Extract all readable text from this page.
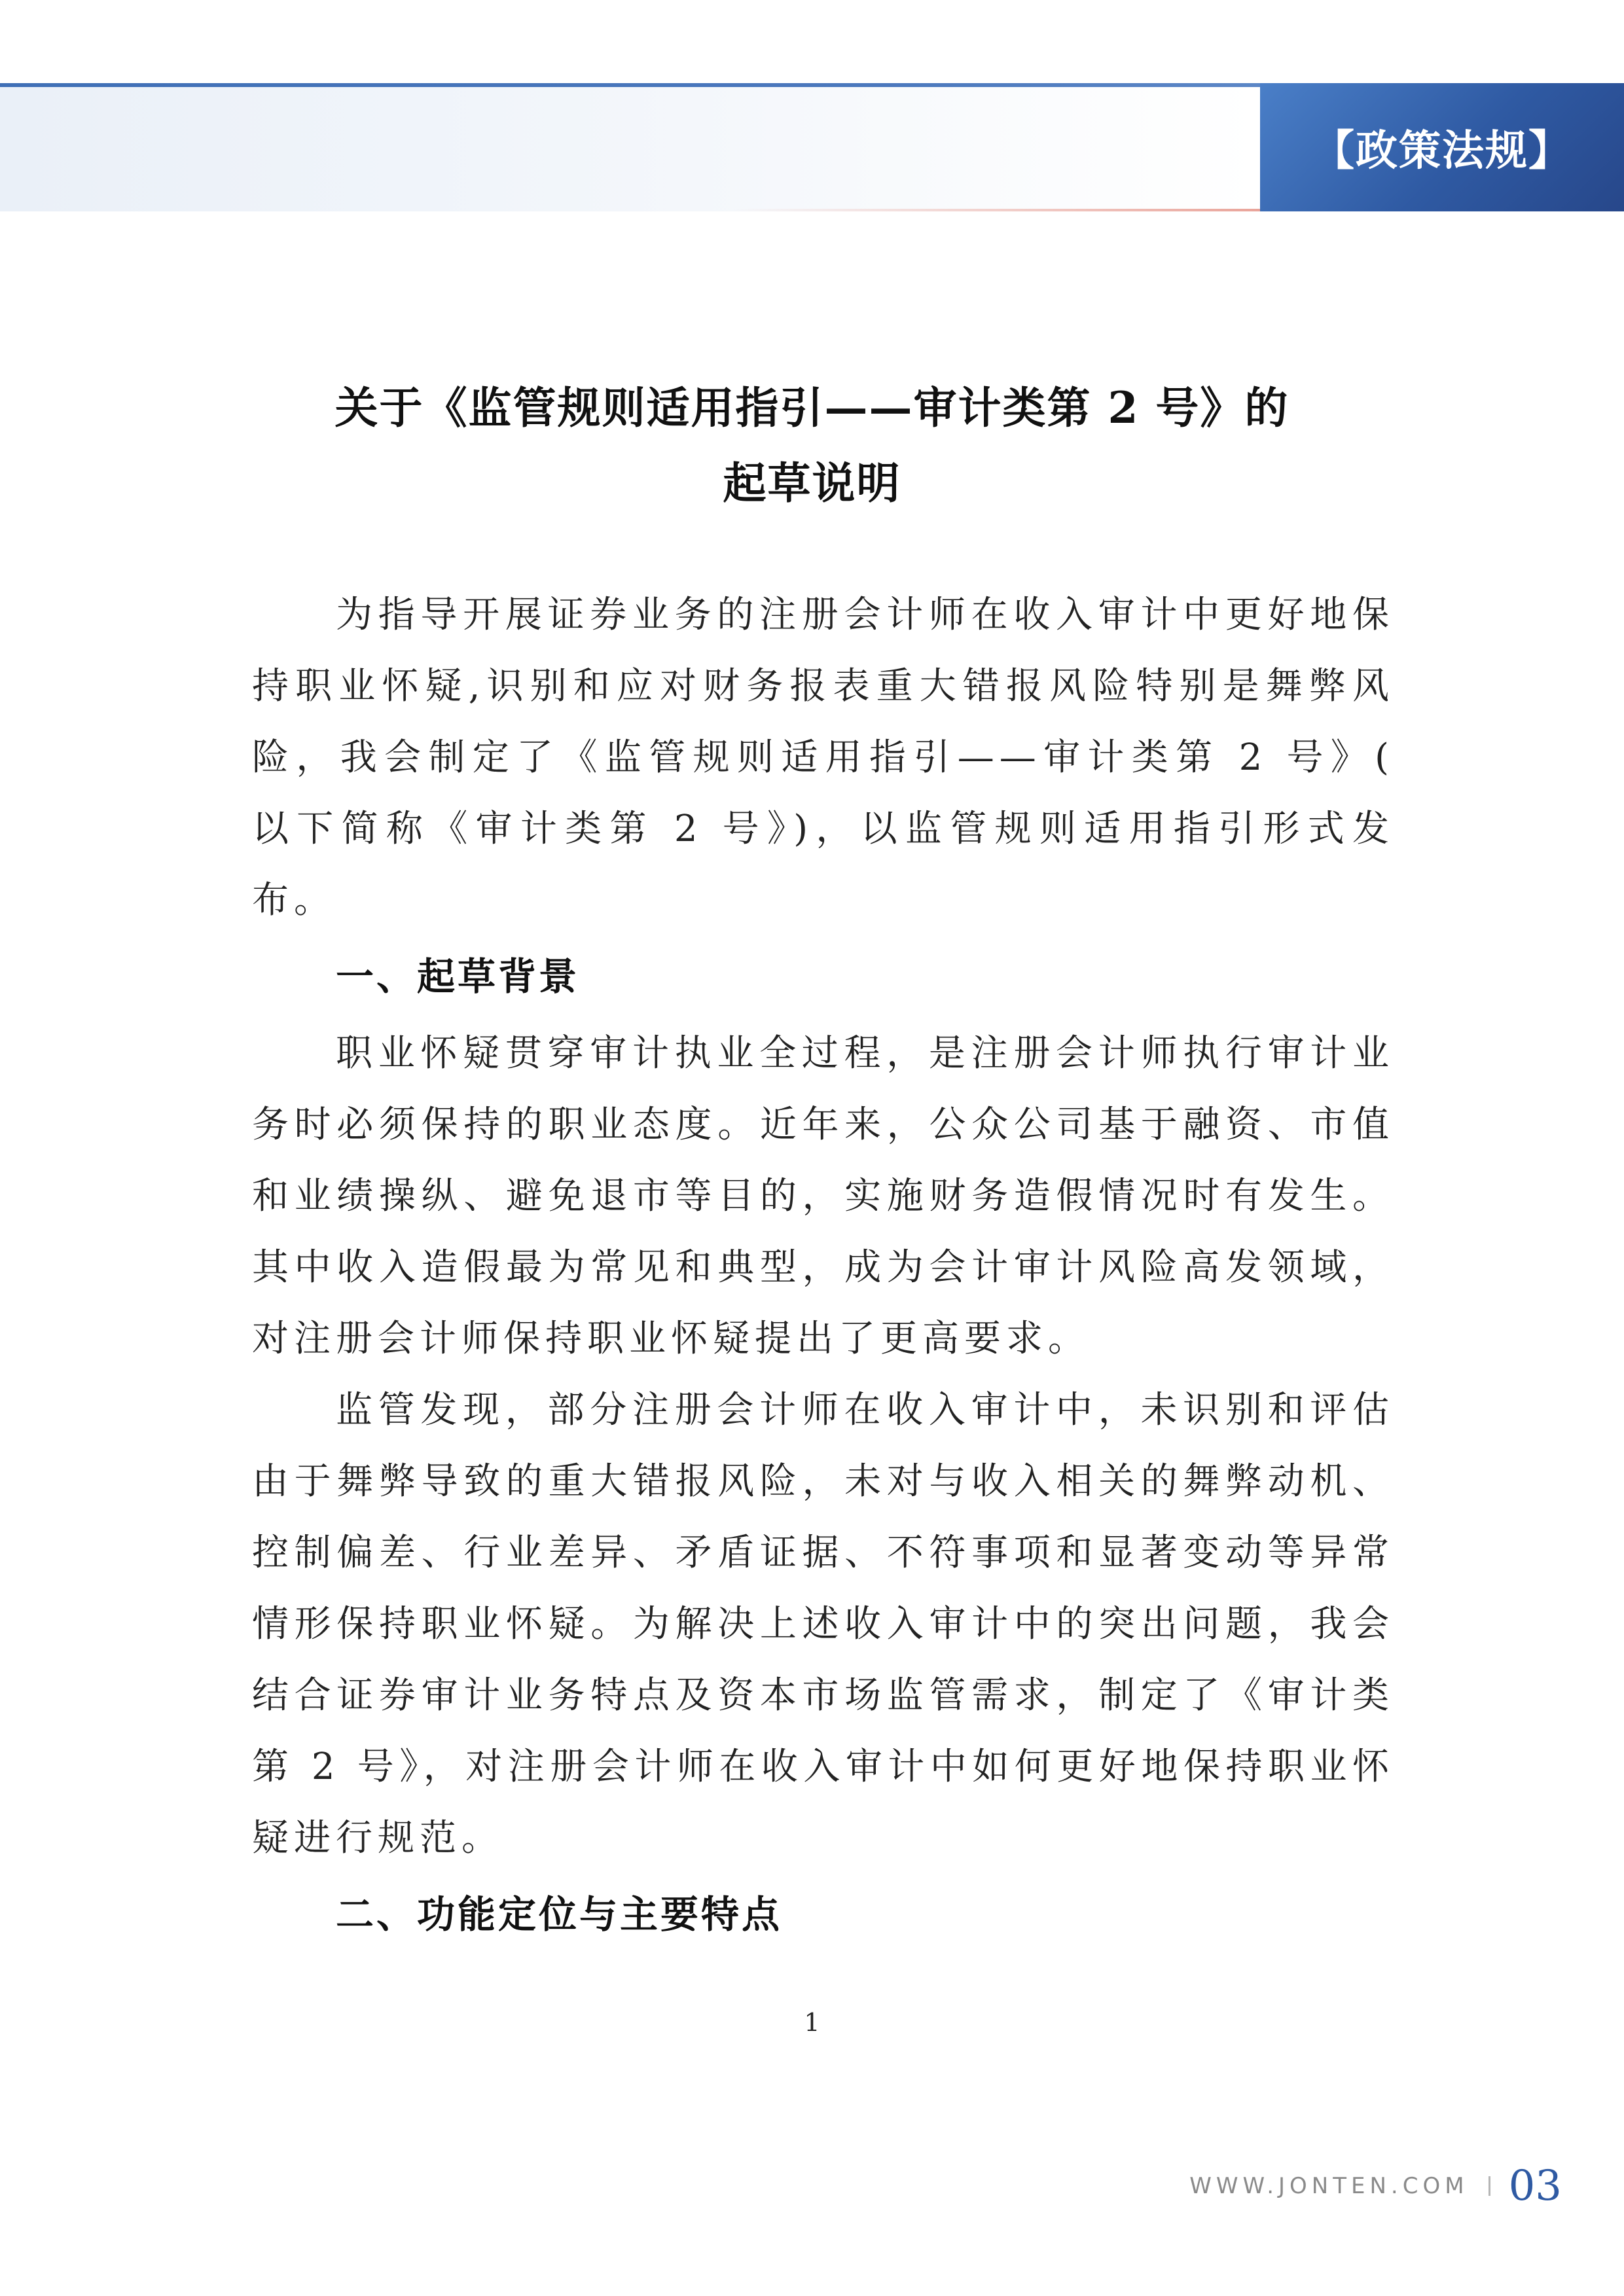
【政策法规】
关于《监管规则适用指引——审计类第 2 号》的
起草说明

为指导开展证券业务的注册会计师在收入审计中更好地保持职业怀疑,识别和应对财务报表重大错报风险特别是舞弊风险，我会制定了《监管规则适用指引——审计类第 2 号》( 以下简称《审计类第 2 号》)，以监管规则适用指引形式发布。

一、起草背景

职业怀疑贯穿审计执业全过程，是注册会计师执行审计业务时必须保持的职业态度。近年来，公众公司基于融资、市值和业绩操纵、避免退市等目的，实施财务造假情况时有发生。其中收入造假最为常见和典型，成为会计审计风险高发领域，对注册会计师保持职业怀疑提出了更高要求。

监管发现，部分注册会计师在收入审计中，未识别和评估由于舞弊导致的重大错报风险，未对与收入相关的舞弊动机、控制偏差、行业差异、矛盾证据、不符事项和显著变动等异常情形保持职业怀疑。为解决上述收入审计中的突出问题，我会结合证券审计业务特点及资本市场监管需求，制定了《审计类第 2 号》，对注册会计师在收入审计中如何更好地保持职业怀疑进行规范。

二、功能定位与主要特点
1
WWW.JONTEN.COM 03
